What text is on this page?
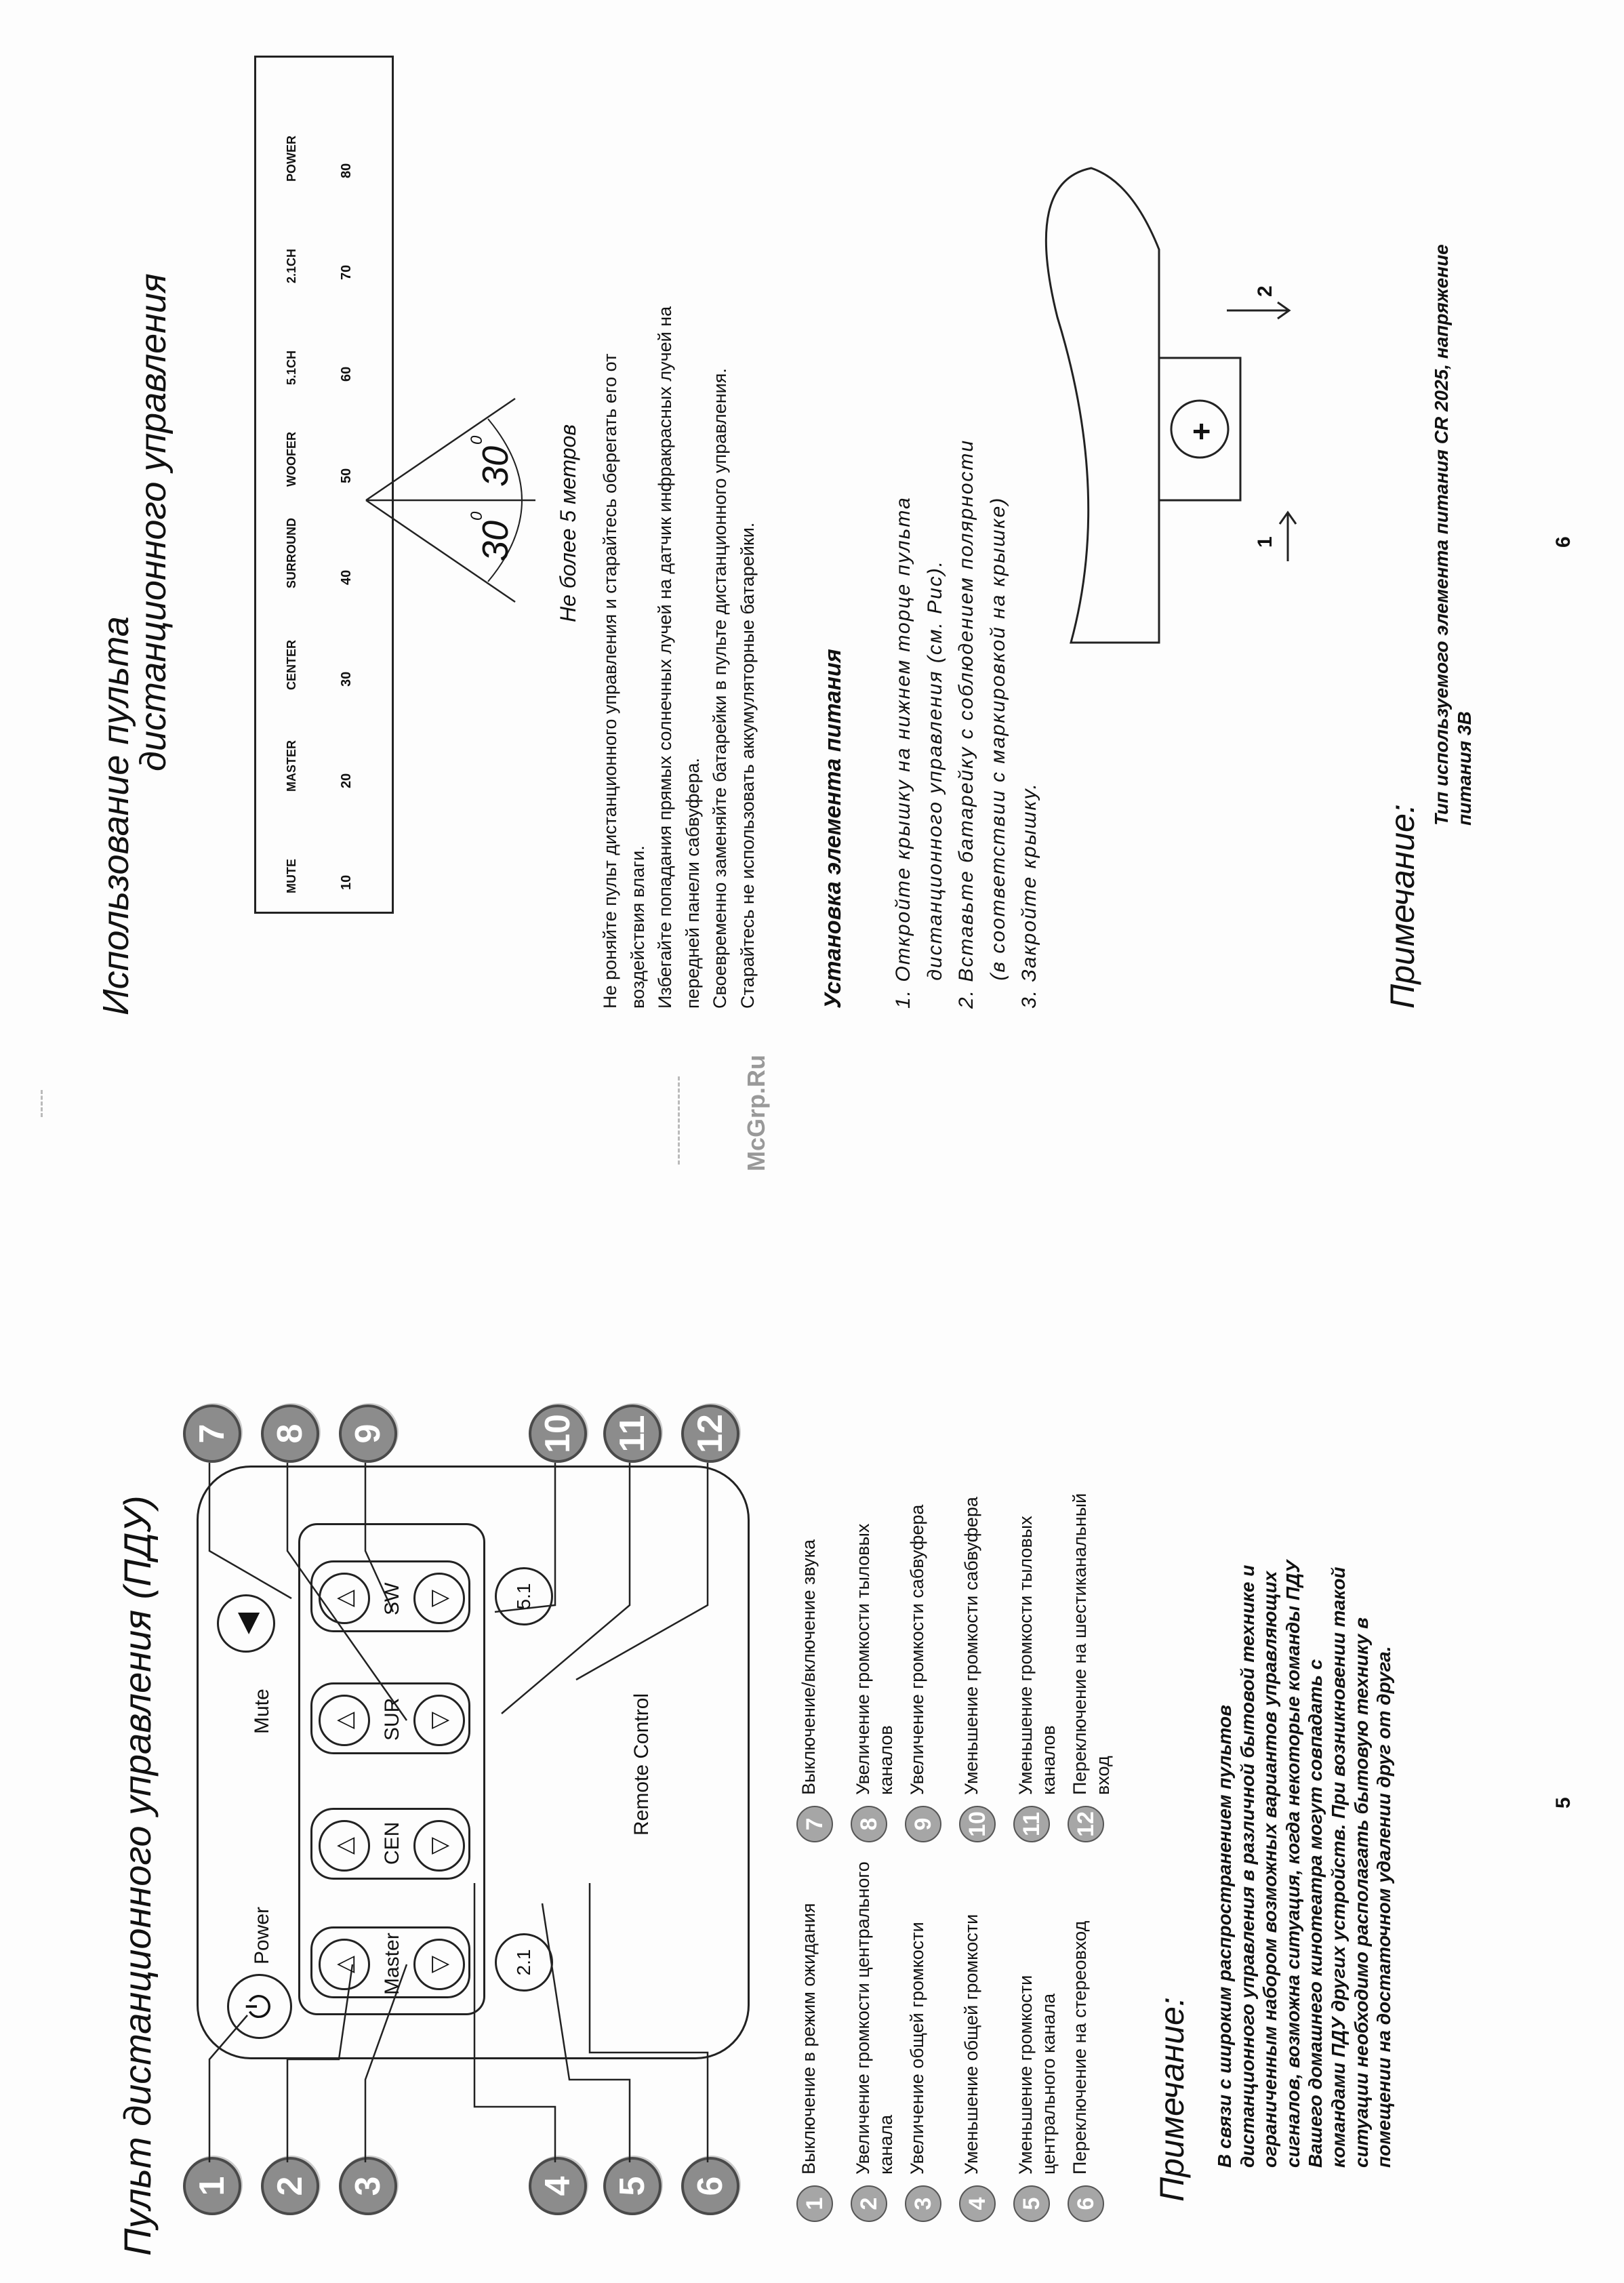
McGrp.Ru
Пульт дистанционного управления (ПДУ) 1 2 3	4 5 6
7 8 9	10 11 12
⏻
Power
Mute
◀
△	▽
△	▽
△	▽
△	▽
Master
CEN
SUR
SW
2.1
5.1
Remote Control
1
Выключение в режим ожидания
2
Увеличение громкости центрального канала
3
Увеличение общей громкости
4
Уменьшение общей громкости
5
Уменьшение громкости центрального канала
6
Переключение на стереовход
7
Выключение/включение звука
8
Увеличение громкости тыловых каналов
9
Увеличение громкости сабвуфера
10
Уменьшение громкости сабвуфера
11
Уменьшение громкости тыловых каналов
12
Переключение на шестиканальный вход
Примечание: В связи с широким распространением пультов дистанционного управления в различной бытовой технике и ограниченным набором возможных вариантов управляющих сигналов, возможна ситуация, когда некоторые команды ПДУ Вашего домашнего кинотеатра могут совпадать с командами ПДУ других устройств. При возникновении такой ситуации необходимо располагать бытовую технику в помещении на достаточном удалении друг от друга.	5
Использование пульта
дистанционного управления
MUTE	10
MASTER	20
CENTER	30
SURROUND	40
WOOFER	50
5.1CH	60
2.1CH	70
POWER	80
30
30
0
0	Не более 5 метров Не роняйте пульт дистанционного управления и старайтесь оберегать его от воздействия влаги. Избегайте попадания прямых солнечных лучей на датчик инфракрасных лучей на передней панели сабвуфера. Своевременно заменяйте батарейки в пульте дистанционного управления. Старайтесь не использовать аккумуляторные батарейки.	Установка элемента питания 1. Откройте крышку на нижнем торце пульта дистанционного управления (см. Рис). 2. Вставьте батарейку с соблюдением полярности (в соответствии с маркировкой на крышке) 3. Закройте крышку.
+
1
2
Примечание:
Тип используемого элемента питания CR 2025, напряжение питания 3В
6
